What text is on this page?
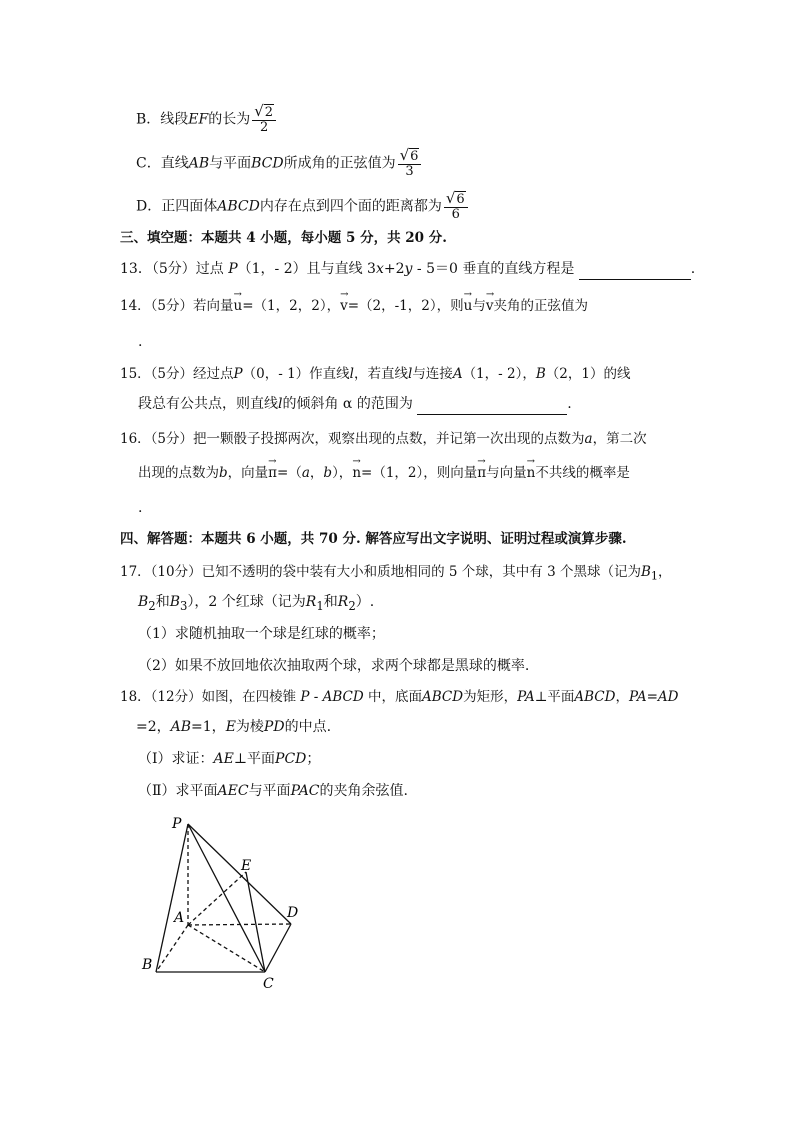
B．线段EF的长为 $\frac{√2}{2}$
C．直线AB与平面BCD所成角的正弦值为 $\frac{√6}{3}$
D．正四面体ABCD内存在点到四个面的距离都为 $\frac{√6}{6}$
三、填空题：本题共 4 小题，每小题 5 分，共 20 分.
13．（5分）过点 P（1，- 2）且与直线 3x+2y - 5＝0 垂直的直线方程是	.
14．（5分）若向量→ u=（1，2，2），→ v=（2，-1，2），则→ u与→ v夹角的正弦值为
.
15．（5分）经过点P（0，- 1）作直线l，若直线l与连接A（1，- 2），B（2，1）的线
段总有公共点，则直线l的倾斜角 α 的范围为	.
16．（5分）把一颗骰子投掷两次，观察出现的点数，并记第一次出现的点数为a，第二次
出现的点数为b，向量→ π=（a，b），→ n=（1，2），则向量→ π与向量→ n不共线的概率是
.
四、解答题：本题共 6 小题，共 70 分. 解答应写出文字说明、证明过程或演算步骤.
17．（10分）已知不透明的袋中装有大小和质地相同的 5 个球，其中有 3 个黑球（记为$B_1$，
$B_2$和$B_3$），2 个红球（记为$R_1$和$R_2$）.
（1）求随机抽取一个球是红球的概率；
（2）如果不放回地依次抽取两个球，求两个球都是黑球的概率.
18．（12分）如图，在四棱锥 P - ABCD 中，底面ABCD为矩形，PA⊥平面ABCD，PA=AD
=2，AB=1，E为棱PD的中点.
（Ⅰ）求证：AE⊥平面PCD；
（Ⅱ）求平面AEC与平面PAC的夹角余弦值.
P
E
A	D
B
C
